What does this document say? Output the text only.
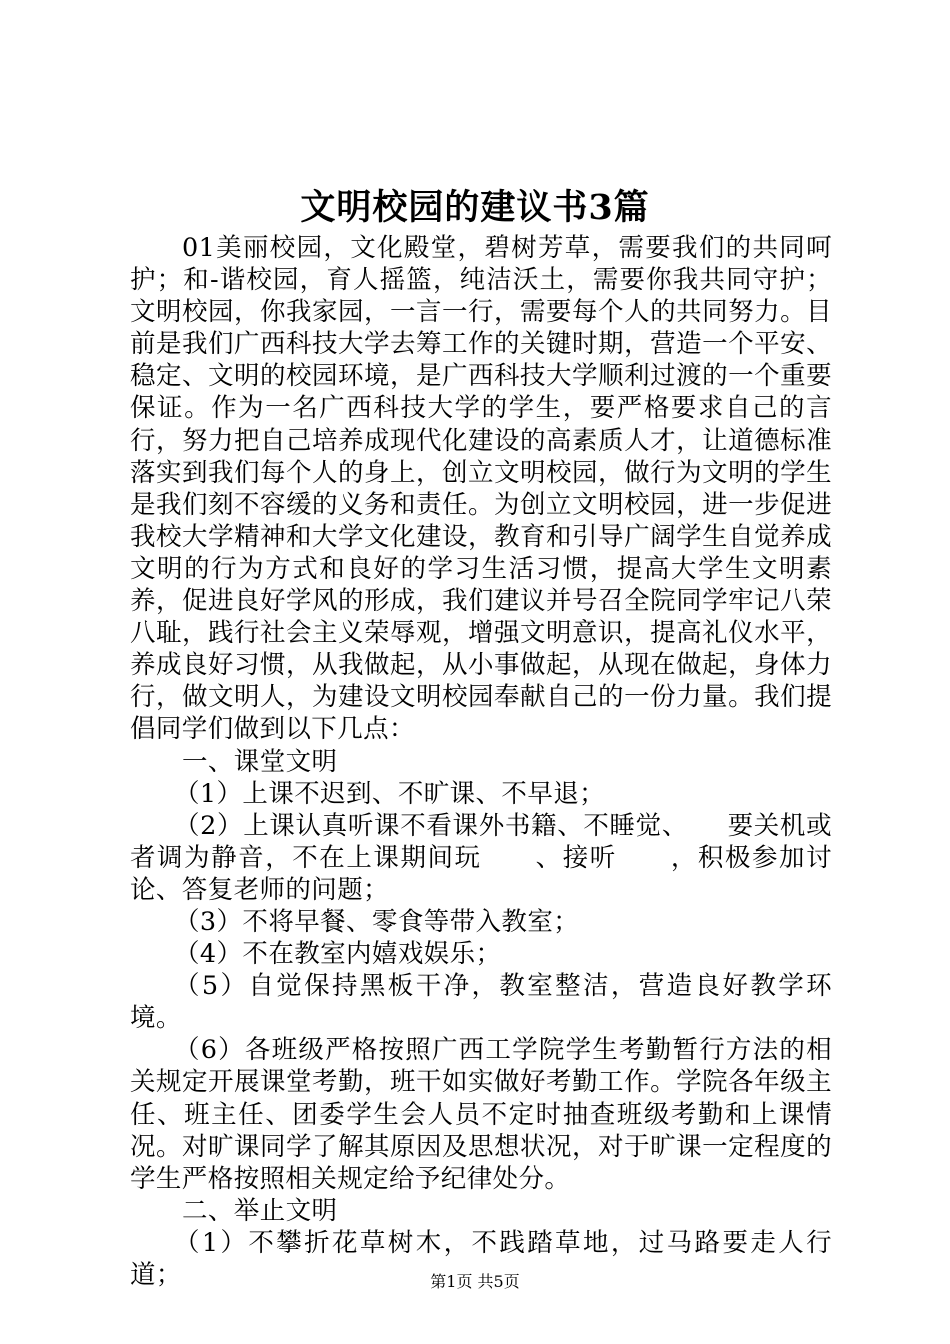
文明校园的建议书3篇

01美丽校园，文化殿堂，碧树芳草，需要我们的共同呵护；和-谐校园，育人摇篮，纯洁沃土，需要你我共同守护；文明校园，你我家园，一言一行，需要每个人的共同努力。目前是我们广西科技大学去筹工作的关键时期，营造一个平安、稳定、文明的校园环境，是广西科技大学顺利过渡的一个重要保证。作为一名广西科技大学的学生，要严格要求自己的言行，努力把自己培养成现代化建设的高素质人才，让道德标准落实到我们每个人的身上，创立文明校园，做行为文明的学生是我们刻不容缓的义务和责任。为创立文明校园，进一步促进我校大学精神和大学文化建设，教育和引导广阔学生自觉养成文明的行为方式和良好的学习生活习惯，提高大学生文明素养，促进良好学风的形成，我们建议并号召全院同学牢记八荣八耻，践行社会主义荣辱观，增强文明意识，提高礼仪水平，养成良好习惯，从我做起，从小事做起，从现在做起，身体力行，做文明人，为建设文明校园奉献自己的一份力量。我们提倡同学们做到以下几点：

一、课堂文明

（1）上课不迟到、不旷课、不早退；

（2）上课认真听课不看课外书籍、不睡觉、　　要关机或者调为静音，不在上课期间玩　　、接听　　，积极参加讨论、答复老师的问题；

（3）不将早餐、零食等带入教室；

（4）不在教室内嬉戏娱乐；

（5）自觉保持黑板干净，教室整洁，营造良好教学环境。

（6）各班级严格按照广西工学院学生考勤暂行方法的相关规定开展课堂考勤，班干如实做好考勤工作。学院各年级主任、班主任、团委学生会人员不定时抽查班级考勤和上课情况。对旷课同学了解其原因及思想状况，对于旷课一定程度的学生严格按照相关规定给予纪律处分。

二、举止文明

（1）不攀折花草树木，不践踏草地，过马路要走人行道；	第1页 共5页
